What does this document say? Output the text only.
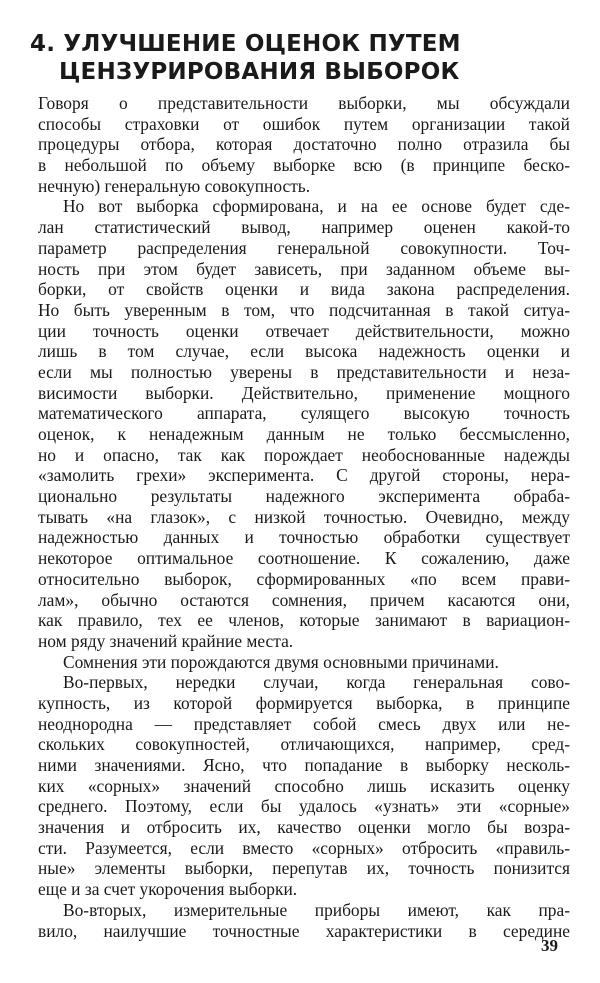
4. УЛУЧШЕНИЕ ОЦЕНОК ПУТЕМ
ЦЕНЗУРИРОВАНИЯ ВЫБОРОК
Говоря о представительности выборки, мы обсуждали
способы страховки от ошибок путем организации такой
процедуры отбора, которая достаточно полно отразила бы
в небольшой по объему выборке всю (в принципе беско-
нечную) генеральную совокупность.
Но вот выборка сформирована, и на ее основе будет сде-
лан статистический вывод, например оценен какой-то
параметр распределения генеральной совокупности. Точ-
ность при этом будет зависеть, при заданном объеме вы-
борки, от свойств оценки и вида закона распределения.
Но быть уверенным в том, что подсчитанная в такой ситуа-
ции точность оценки отвечает действительности, можно
лишь в том случае, если высока надежность оценки и
если мы полностью уверены в представительности и неза-
висимости выборки. Действительно, применение мощного
математического аппарата, сулящего высокую точность
оценок, к ненадежным данным не только бессмысленно,
но и опасно, так как порождает необоснованные надежды
«замолить грехи» эксперимента. С другой стороны, нера-
ционально результаты надежного эксперимента обраба-
тывать «на глазок», с низкой точностью. Очевидно, между
надежностью данных и точностью обработки существует
некоторое оптимальное соотношение. К сожалению, даже
относительно выборок, сформированных «по всем прави-
лам», обычно остаются сомнения, причем касаются они,
как правило, тех ее членов, которые занимают в вариацион-
ном ряду значений крайние места.
Сомнения эти порождаются двумя основными причинами.
Во-первых, нередки случаи, когда генеральная сово-
купность, из которой формируется выборка, в принципе
неоднородна — представляет собой смесь двух или не-
скольких совокупностей, отличающихся, например, сред-
ними значениями. Ясно, что попадание в выборку несколь-
ких «сорных» значений способно лишь исказить оценку
среднего. Поэтому, если бы удалось «узнать» эти «сорные»
значения и отбросить их, качество оценки могло бы возра-
сти. Разумеется, если вместо «сорных» отбросить «правиль-
ные» элементы выборки, перепутав их, точность понизится
еще и за счет укорочения выборки.
Во-вторых, измерительные приборы имеют, как пра-
вило, наилучшие точностные характеристики в середине
39
